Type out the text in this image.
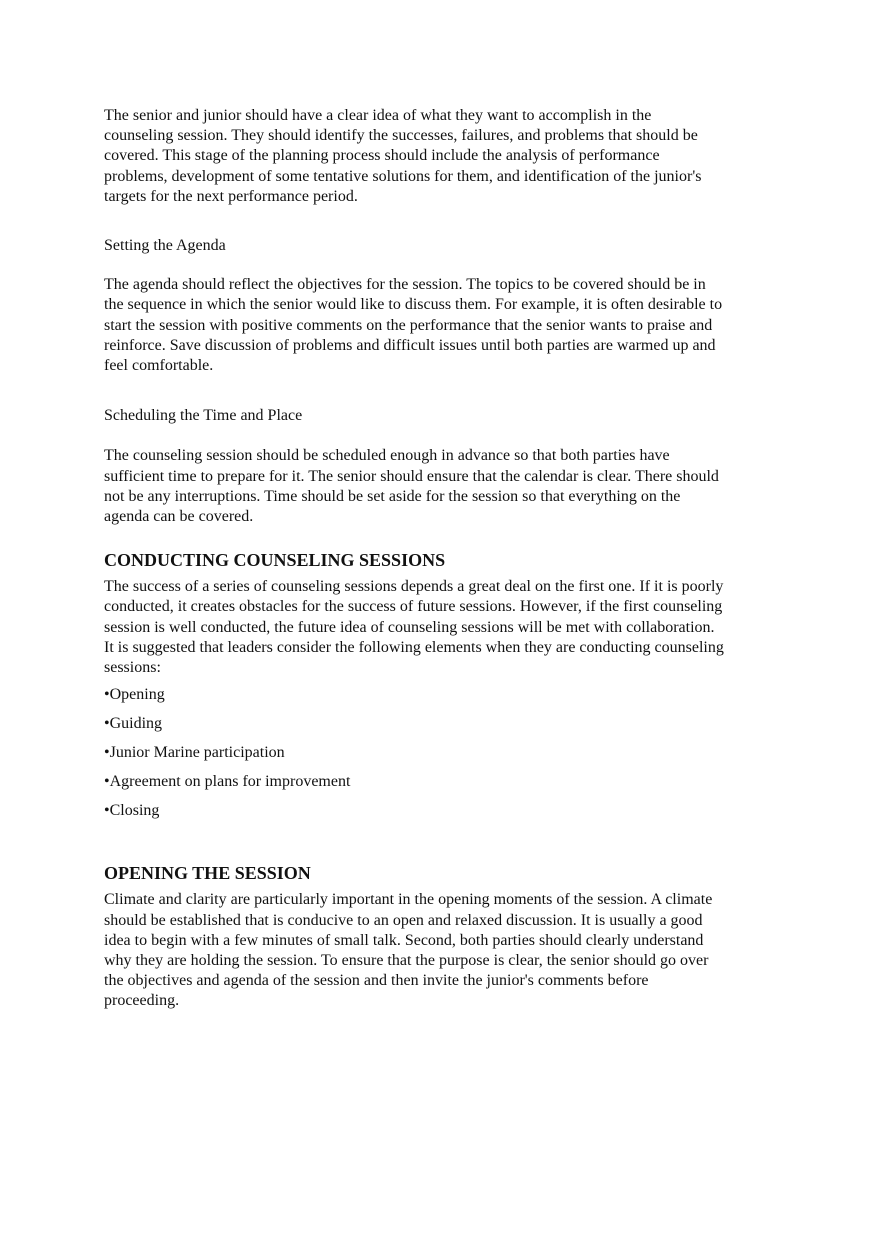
The senior and junior should have a clear idea of what they want to accomplish in the counseling session. They should identify the successes, failures, and problems that should be covered. This stage of the planning process should include the analysis of performance problems, development of some tentative solutions for them, and identification of the junior's targets for the next performance period.

Setting the Agenda

The agenda should reflect the objectives for the session. The topics to be covered should be in the sequence in which the senior would like to discuss them. For example, it is often desirable to start the session with positive comments on the performance that the senior wants to praise and reinforce. Save discussion of problems and difficult issues until both parties are warmed up and feel comfortable.

Scheduling the Time and Place

The counseling session should be scheduled enough in advance so that both parties have sufficient time to prepare for it. The senior should ensure that the calendar is clear. There should not be any interruptions. Time should be set aside for the session so that everything on the agenda can be covered.

CONDUCTING COUNSELING SESSIONS

The success of a series of counseling sessions depends a great deal on the first one. If it is poorly conducted, it creates obstacles for the success of future sessions. However, if the first counseling session is well conducted, the future idea of counseling sessions will be met with collaboration. It is suggested that leaders consider the following elements when they are conducting counseling sessions:

•Opening
•Guiding
•Junior Marine participation
•Agreement on plans for improvement
•Closing
OPENING THE SESSION

Climate and clarity are particularly important in the opening moments of the session. A climate should be established that is conducive to an open and relaxed discussion. It is usually a good idea to begin with a few minutes of small talk. Second, both parties should clearly understand why they are holding the session. To ensure that the purpose is clear, the senior should go over the objectives and agenda of the session and then invite the junior's comments before proceeding.
